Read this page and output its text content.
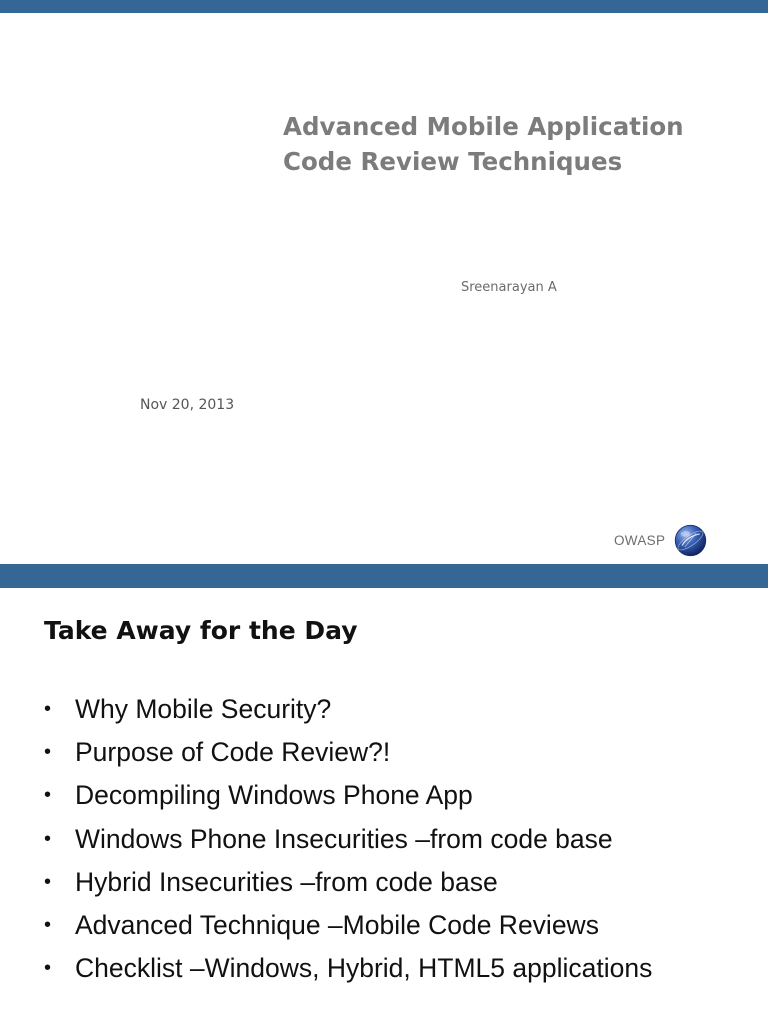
Advanced Mobile Application
Code Review Techniques
Sreenarayan A
Nov 20, 2013
OWASP
Take Away for the Day
• Why Mobile Security?
• Purpose of Code Review?!
• Decompiling Windows Phone App
• Windows Phone Insecurities –from code base
• Hybrid Insecurities –from code base
• Advanced Technique –Mobile Code Reviews
• Checklist –Windows, Hybrid, HTML5 applications
